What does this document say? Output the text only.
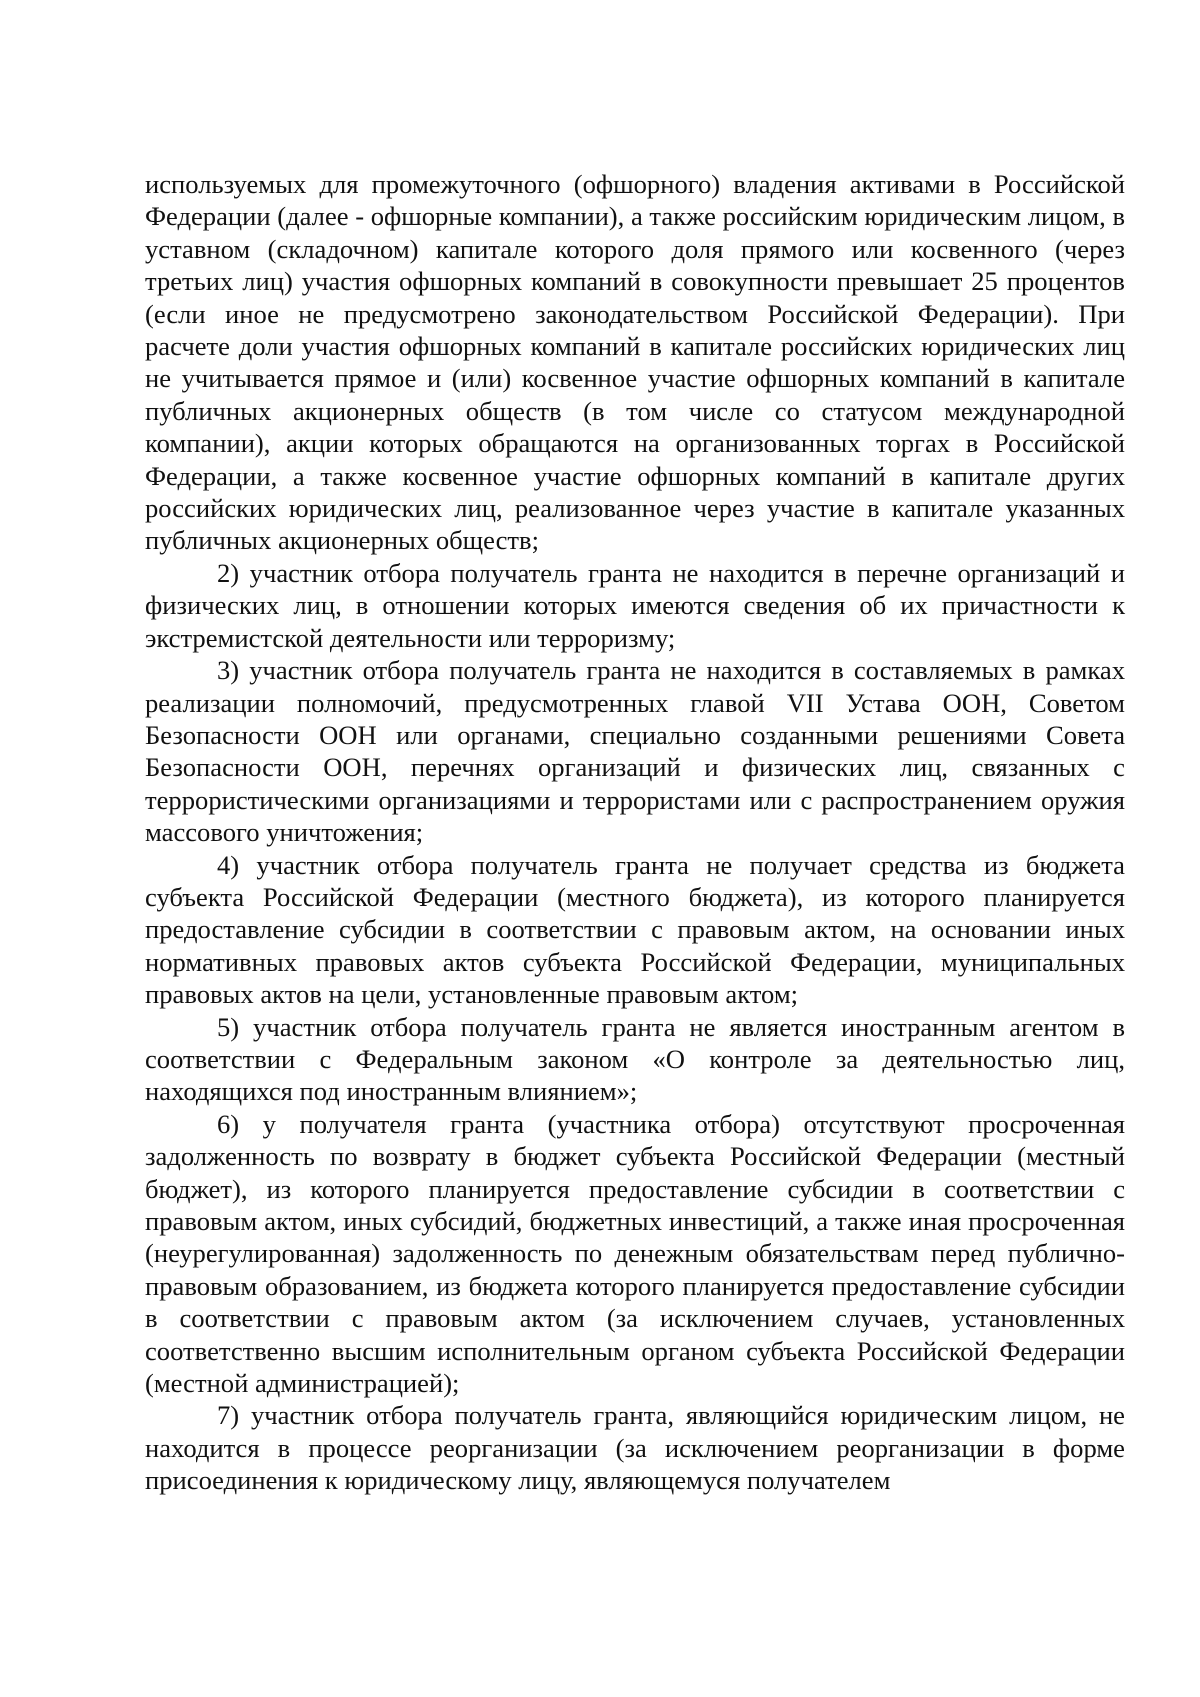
используемых для промежуточного (офшорного) владения активами в Российской Федерации (далее - офшорные компании), а также российским юридическим лицом, в уставном (складочном) капитале которого доля прямого или косвенного (через третьих лиц) участия офшорных компаний в совокупности превышает 25 процентов (если иное не предусмотрено законодательством Российской Федерации). При расчете доли участия офшорных компаний в капитале российских юридических лиц не учитывается прямое и (или) косвенное участие офшорных компаний в капитале публичных акционерных обществ (в том числе со статусом международной компании), акции которых обращаются на организованных торгах в Российской Федерации, а также косвенное участие офшорных компаний в капитале других российских юридических лиц, реализованное через участие в капитале указанных публичных акционерных обществ;

2) участник отбора получатель гранта не находится в перечне организаций и физических лиц, в отношении которых имеются сведения об их причастности к экстремистской деятельности или терроризму;

3) участник отбора получатель гранта не находится в составляемых в рамках реализации полномочий, предусмотренных главой VII Устава ООН, Советом Безопасности ООН или органами, специально созданными решениями Совета Безопасности ООН, перечнях организаций и физических лиц, связанных с террористическими организациями и террористами или с распространением оружия массового уничтожения;

4) участник отбора получатель гранта не получает средства из бюджета субъекта Российской Федерации (местного бюджета), из которого планируется предоставление субсидии в соответствии с правовым актом, на основании иных нормативных правовых актов субъекта Российской Федерации, муниципальных правовых актов на цели, установленные правовым актом;

5) участник отбора получатель гранта не является иностранным агентом в соответствии с Федеральным законом «О контроле за деятельностью лиц, находящихся под иностранным влиянием»;

6) у получателя гранта (участника отбора) отсутствуют просроченная задолженность по возврату в бюджет субъекта Российской Федерации (местный бюджет), из которого планируется предоставление субсидии в соответствии с правовым актом, иных субсидий, бюджетных инвестиций, а также иная просроченная (неурегулированная) задолженность по денежным обязательствам перед публично-правовым образованием, из бюджета которого планируется предоставление субсидии в соответствии с правовым актом (за исключением случаев, установленных соответственно высшим исполнительным органом субъекта Российской Федерации (местной администрацией);

7) участник отбора получатель гранта, являющийся юридическим лицом, не находится в процессе реорганизации (за исключением реорганизации в форме присоединения к юридическому лицу, являющемуся получателем
